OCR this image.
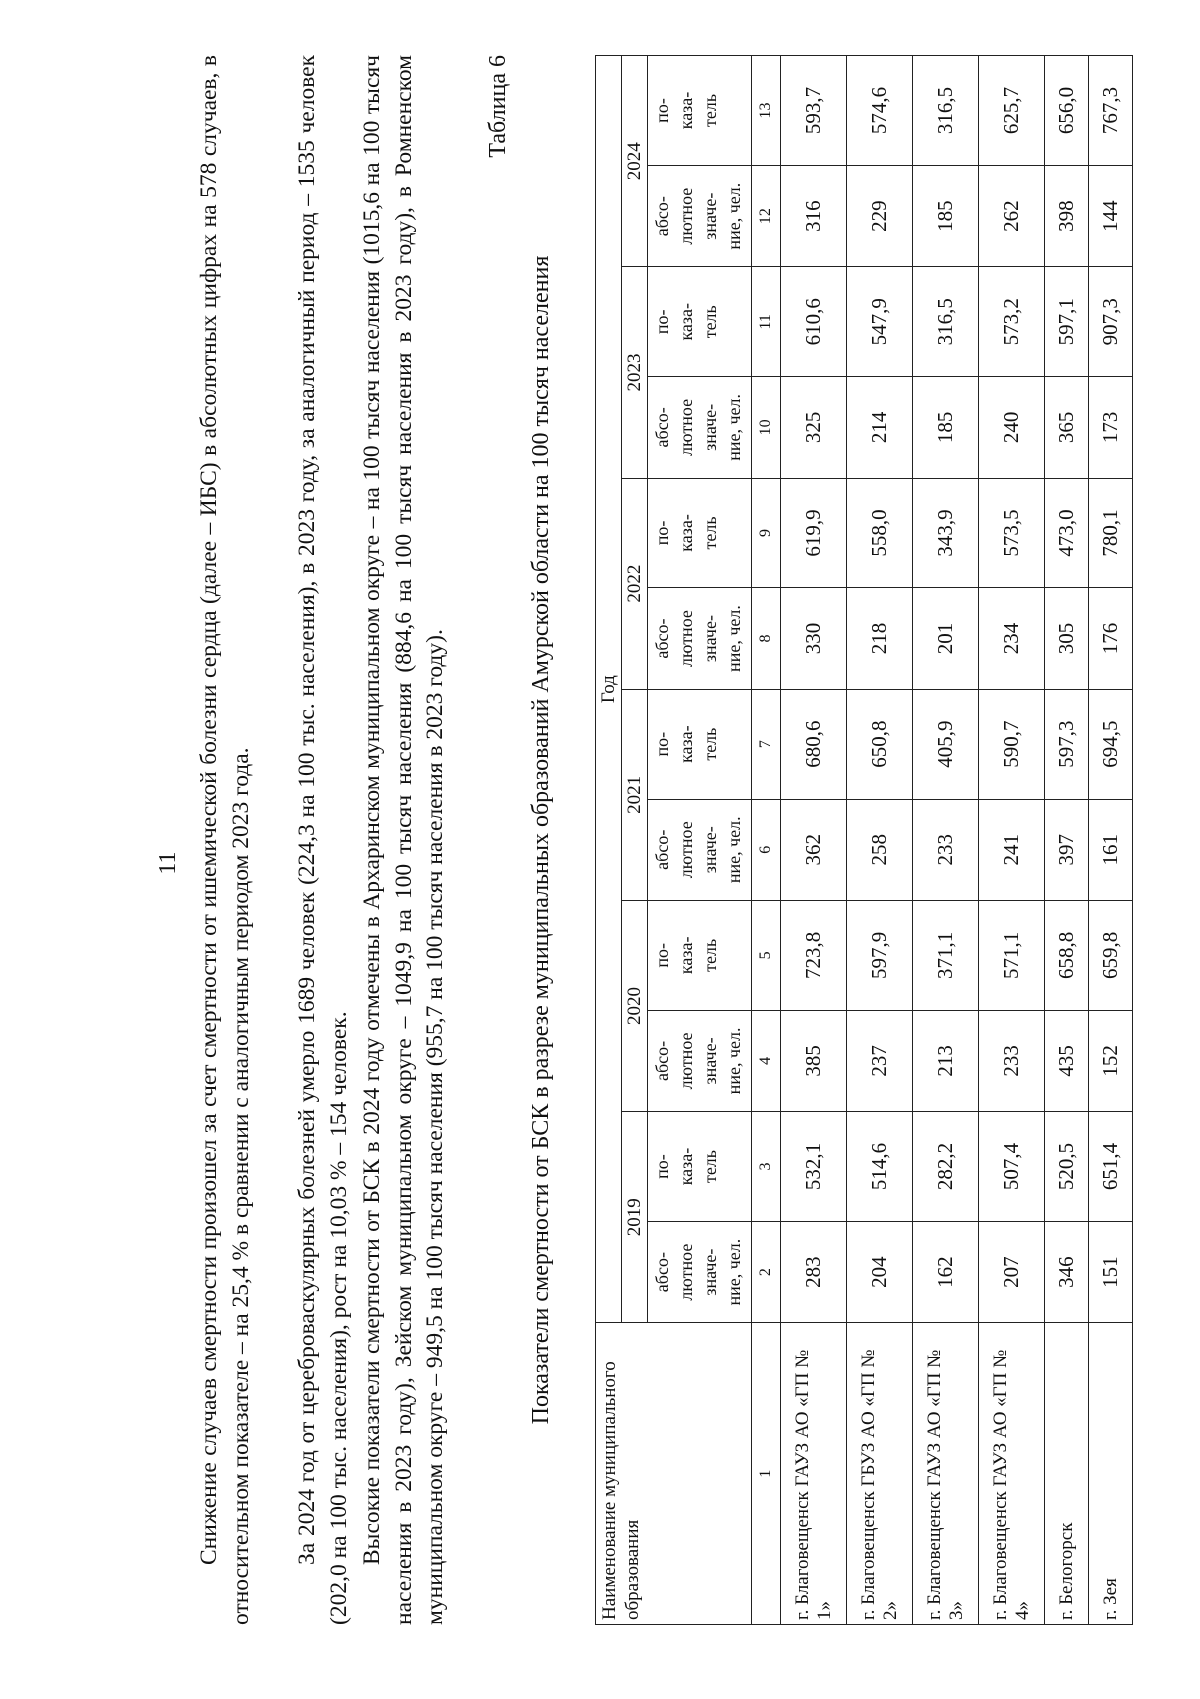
11 Снижение случаев смертности произошел за счет смертности от ишемической болезни сердца (далее – ИБС) в абсолютных цифрах на 578 случаев, в относительном показателе – на 25,4 % в сравнении с аналогичным периодом 2023 года. За 2024 год от цереброваскулярных болезней умерло 1689 человек (224,3 на 100 тыс. населения), в 2023 году, за аналогичный период – 1535 человек (202,0 на 100 тыс. населения), рост на 10,03 % – 154 человек. Высокие показатели смертности от БСК в 2024 году отмечены в Архаринском муниципальном округе – на 100 тысяч населения (1015,6 на 100 тысяч населения в 2023 году), Зейском муниципальном округе – 1049,9 на 100 тысяч населения (884,6 на 100 тысяч населения в 2023 году), в Ромненском муниципальном округе – 949,5 на 100 тысяч населения (955,7 на 100 тысяч населения в 2023 году).

Таблица 6
Показатели смертности от БСК в разрезе муниципальных образований Амурской области на 100 тысяч населения
Наименование муниципального образования	Год											
	2019		2020		2021		2022		2023		2024	
	абсо- лютное значе- ние, чел.	по- каза- тель	абсо- лютное значе- ние, чел.	по- каза- тель	абсо- лютное значе- ние, чел.	по- каза- тель	абсо- лютное значе- ние, чел.	по- каза- тель	абсо- лютное значе- ние, чел.	по- каза- тель	абсо- лютное значе- ние, чел.	по- каза- тель
1	2	3	4	5	6	7	8	9	10	11	12	13
г. Благовещенск ГАУЗ АО «ГП № 1»	283	532,1	385	723,8	362	680,6	330	619,9	325	610,6	316	593,7
г. Благовещенск ГБУЗ АО «ГП № 2»	204	514,6	237	597,9	258	650,8	218	558,0	214	547,9	229	574,6
г. Благовещенск ГАУЗ АО «ГП № 3»	162	282,2	213	371,1	233	405,9	201	343,9	185	316,5	185	316,5
г. Благовещенск ГАУЗ АО «ГП № 4»	207	507,4	233	571,1	241	590,7	234	573,5	240	573,2	262	625,7
г. Белогорск	346	520,5	435	658,8	397	597,3	305	473,0	365	597,1	398	656,0
г. Зея	151	651,4	152	659,8	161	694,5	176	780,1	173	907,3	144	767,3
